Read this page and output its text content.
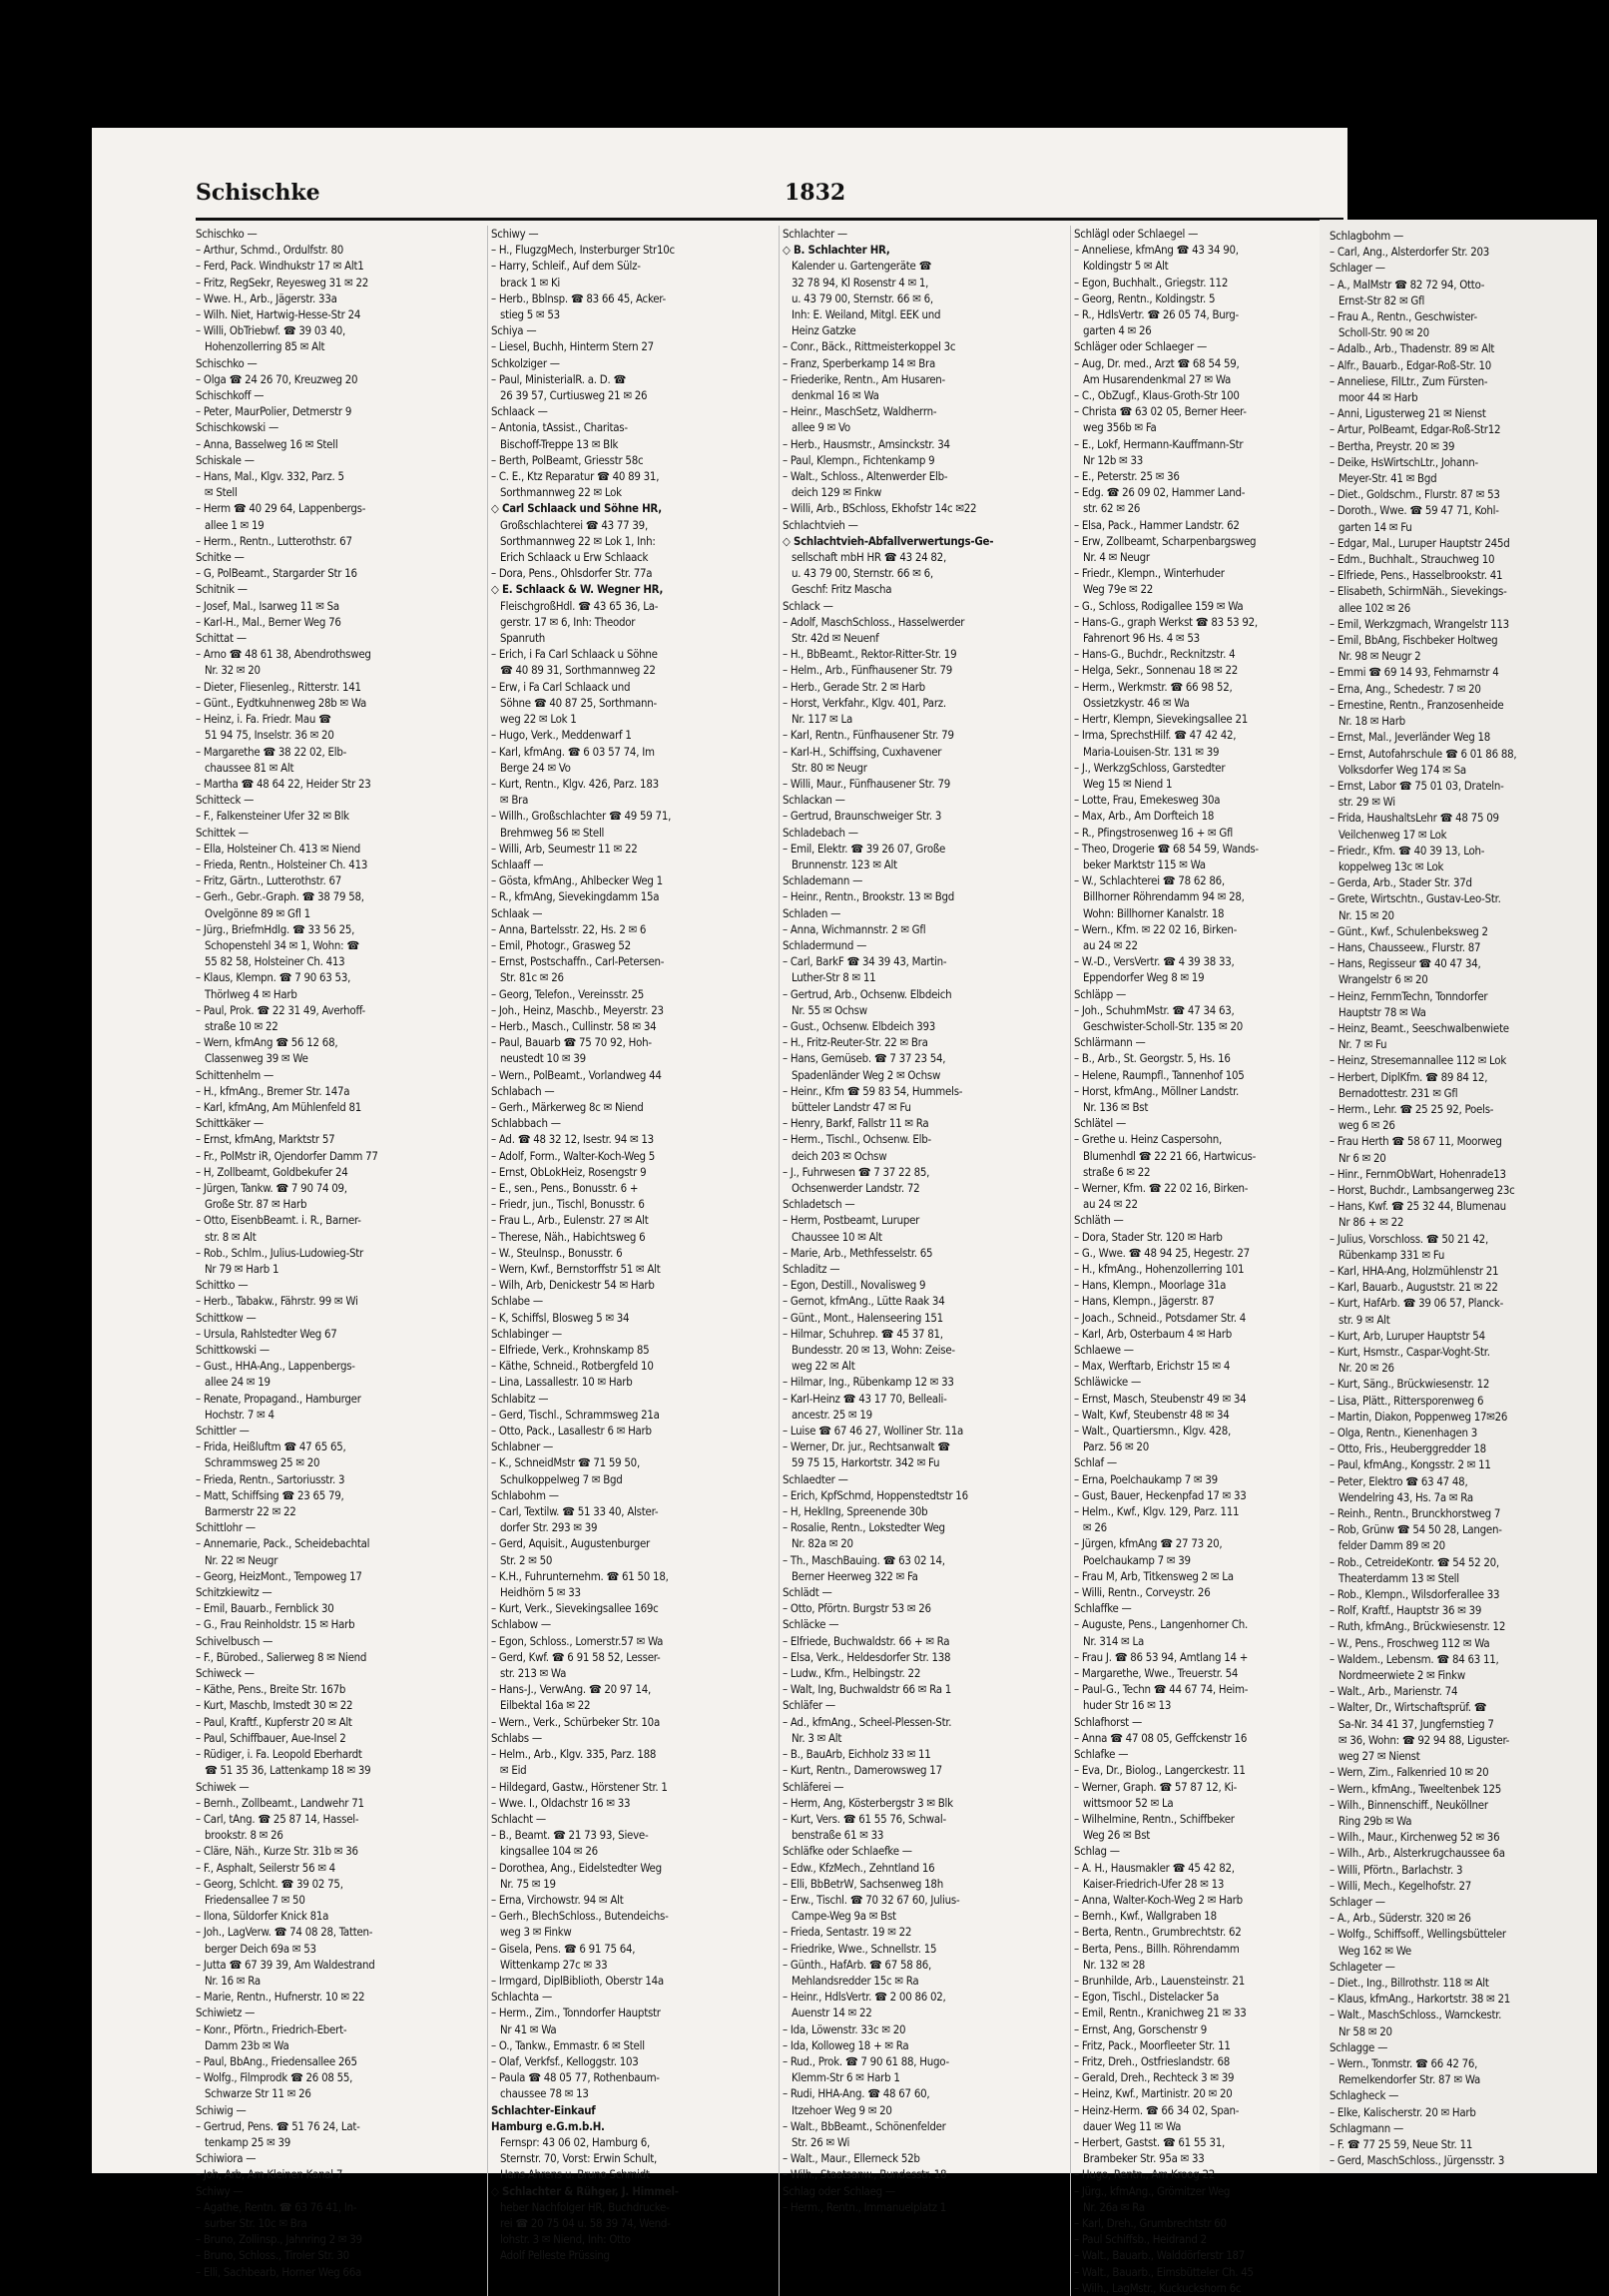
Schischke	1832
Schischko —
– Arthur, Schmd., Ordulfstr. 80
– Ferd, Pack. Windhukstr 17 ✉ Alt1
– Fritz, RegSekr, Reyesweg 31 ✉ 22
– Wwe. H., Arb., Jägerstr. 33a
– Wilh. Niet, Hartwig-Hesse-Str 24
– Willi, ObTriebwf. ☎ 39 03 40,
Hohenzollerring 85 ✉ Alt
Schischko —
– Olga ☎ 24 26 70, Kreuzweg 20
Schischkoff —
– Peter, MaurPolier, Detmerstr 9
Schischkowski —
– Anna, Basselweg 16 ✉ Stell
Schiskale —
– Hans, Mal., Klgv. 332, Parz. 5
✉ Stell
– Herm ☎ 40 29 64, Lappenbergs-
allee 1 ✉ 19
– Herm., Rentn., Lutterothstr. 67
Schitke —
– G, PolBeamt., Stargarder Str 16
Schitnik —
– Josef, Mal., Isarweg 11 ✉ Sa
– Karl-H., Mal., Berner Weg 76
Schittat —
– Arno ☎ 48 61 38, Abendrothsweg
Nr. 32 ✉ 20
– Dieter, Fliesenleg., Ritterstr. 141
– Günt., Eydtkuhnenweg 28b ✉ Wa
– Heinz, i. Fa. Friedr. Mau ☎
51 94 75, Inselstr. 36 ✉ 20
– Margarethe ☎ 38 22 02, Elb-
chaussee 81 ✉ Alt
– Martha ☎ 48 64 22, Heider Str 23
Schitteck —
– F., Falkensteiner Ufer 32 ✉ Blk
Schittek —
– Ella, Holsteiner Ch. 413 ✉ Niend
– Frieda, Rentn., Holsteiner Ch. 413
– Fritz, Gärtn., Lutterothstr. 67
– Gerh., Gebr.-Graph. ☎ 38 79 58,
Ovelgönne 89 ✉ Gfl 1
– Jürg., BriefmHdlg. ☎ 33 56 25,
Schopenstehl 34 ✉ 1, Wohn: ☎
55 82 58, Holsteiner Ch. 413
– Klaus, Klempn. ☎ 7 90 63 53,
Thörlweg 4 ✉ Harb
– Paul, Prok. ☎ 22 31 49, Averhoff-
straße 10 ✉ 22
– Wern, kfmAng ☎ 56 12 68,
Classenweg 39 ✉ We
Schittenhelm —
– H., kfmAng., Bremer Str. 147a
– Karl, kfmAng, Am Mühlenfeld 81
Schittkäker —
– Ernst, kfmAng, Marktstr 57
– Fr., PolMstr iR, Ojendorfer Damm 77
– H, Zollbeamt, Goldbekufer 24
– Jürgen, Tankw. ☎ 7 90 74 09,
Große Str. 87 ✉ Harb
– Otto, EisenbBeamt. i. R., Barner-
str. 8 ✉ Alt
– Rob., Schlm., Julius-Ludowieg-Str
Nr 79 ✉ Harb 1
Schittko —
– Herb., Tabakw., Fährstr. 99 ✉ Wi
Schittkow —
– Ursula, Rahlstedter Weg 67
Schittkowski —
– Gust., HHA-Ang., Lappenbergs-
allee 24 ✉ 19
– Renate, Propagand., Hamburger
Hochstr. 7 ✉ 4
Schittler —
– Frida, Heißluftm ☎ 47 65 65,
Schrammsweg 25 ✉ 20
– Frieda, Rentn., Sartoriusstr. 3
– Matt, Schiffsing ☎ 23 65 79,
Barmerstr 22 ✉ 22
Schittlohr —
– Annemarie, Pack., Scheidebachtal
Nr. 22 ✉ Neugr
– Georg, HeizMont., Tempoweg 17
Schitzkiewitz —
– Emil, Bauarb., Fernblick 30
– G., Frau Reinholdstr. 15 ✉ Harb
Schivelbusch —
– F., Bürobed., Salierweg 8 ✉ Niend
Schiweck —
– Käthe, Pens., Breite Str. 167b
– Kurt, Maschb, Imstedt 30 ✉ 22
– Paul, Kraftf., Kupferstr 20 ✉ Alt
– Paul, Schiffbauer, Aue-Insel 2
– Rüdiger, i. Fa. Leopold Eberhardt
☎ 51 35 36, Lattenkamp 18 ✉ 39
Schiwek —
– Bernh., Zollbeamt., Landwehr 71
– Carl, tAng. ☎ 25 87 14, Hassel-
brookstr. 8 ✉ 26
– Cläre, Näh., Kurze Str. 31b ✉ 36
– F., Asphalt, Seilerstr 56 ✉ 4
– Georg, Schlcht. ☎ 39 02 75,
Friedensallee 7 ✉ 50
– Ilona, Süldorfer Knick 81a
– Joh., LagVerw. ☎ 74 08 28, Tatten-
berger Deich 69a ✉ 53
– Jutta ☎ 67 39 39, Am Waldestrand
Nr. 16 ✉ Ra
– Marie, Rentn., Hufnerstr. 10 ✉ 22
Schiwietz —
– Konr., Pförtn., Friedrich-Ebert-
Damm 23b ✉ Wa
– Paul, BbAng., Friedensallee 265
– Wolfg., Filmprodk ☎ 26 08 55,
Schwarze Str 11 ✉ 26
Schiwig —
– Gertrud, Pens. ☎ 51 76 24, Lat-
tenkamp 25 ✉ 39
Schiwiora —
– Joh, Arb, Am Kleinen Kanal 7
Schiwy —
– Agathe, Rentn. ☎ 63 76 41, In-
surber Str. 10c ✉ Bra
– Bruno, Zollinsp., Jahnring 2 ✉ 39
– Bruno, Schloss., Tiroler Str. 30
– Elli, Sachbearb, Horner Weg 66a
Schiwy —
– H., FlugzgMech, Insterburger Str10c
– Harry, Schleif., Auf dem Sülz-
brack 1 ✉ Ki
– Herb., Bblnsp. ☎ 83 66 45, Acker-
stieg 5 ✉ 53
Schiya —
– Liesel, Buchh, Hinterm Stern 27
Schkolziger —
– Paul, MinisterialR. a. D. ☎
26 39 57, Curtiusweg 21 ✉ 26
Schlaack —
– Antonia, tAssist., Charitas-
Bischoff-Treppe 13 ✉ Blk
– Berth, PolBeamt, Griesstr 58c
– C. E., Ktz Reparatur ☎ 40 89 31,
Sorthmannweg 22 ✉ Lok
◇ Carl Schlaack und Söhne HR,
Großschlachterei ☎ 43 77 39,
Sorthmannweg 22 ✉ Lok 1, Inh:
Erich Schlaack u Erw Schlaack
– Dora, Pens., Ohlsdorfer Str. 77a
◇ E. Schlaack & W. Wegner HR,
FleischgroßHdl. ☎ 43 65 36, La-
gerstr. 17 ✉ 6, Inh: Theodor
Spanruth
– Erich, i Fa Carl Schlaack u Söhne
☎ 40 89 31, Sorthmannweg 22
– Erw, i Fa Carl Schlaack und
Söhne ☎ 40 87 25, Sorthmann-
weg 22 ✉ Lok 1
– Hugo, Verk., Meddenwarf 1
– Karl, kfmAng. ☎ 6 03 57 74, Im
Berge 24 ✉ Vo
– Kurt, Rentn., Klgv. 426, Parz. 183
✉ Bra
– Willh., Großschlachter ☎ 49 59 71,
Brehmweg 56 ✉ Stell
– Willi, Arb, Seumestr 11 ✉ 22
Schlaaff —
– Gösta, kfmAng., Ahlbecker Weg 1
– R., kfmAng, Sievekingdamm 15a
Schlaak —
– Anna, Bartelsstr. 22, Hs. 2 ✉ 6
– Emil, Photogr., Grasweg 52
– Ernst, Postschaffn., Carl-Petersen-
Str. 81c ✉ 26
– Georg, Telefon., Vereinsstr. 25
– Joh., Heinz, Maschb., Meyerstr. 23
– Herb., Masch., Cullinstr. 58 ✉ 34
– Paul, Bauarb ☎ 75 70 92, Hoh-
neustedt 10 ✉ 39
– Wern., PolBeamt., Vorlandweg 44
Schlabach —
– Gerh., Märkerweg 8c ✉ Niend
Schlabbach —
– Ad. ☎ 48 32 12, Isestr. 94 ✉ 13
– Adolf, Form., Walter-Koch-Weg 5
– Ernst, ObLokHeiz, Rosengstr 9
– E., sen., Pens., Bonusstr. 6 +
– Friedr, jun., Tischl, Bonusstr. 6
– Frau L., Arb., Eulenstr. 27 ✉ Alt
– Therese, Näh., Habichtsweg 6
– W., Steulnsp., Bonusstr. 6
– Wern, Kwf., Bernstorffstr 51 ✉ Alt
– Wilh, Arb, Denickestr 54 ✉ Harb
Schlabe —
– K, Schiffsl, Blosweg 5 ✉ 34
Schlabinger —
– Elfriede, Verk., Krohnskamp 85
– Käthe, Schneid., Rotbergfeld 10
– Lina, Lassallestr. 10 ✉ Harb
Schlabitz —
– Gerd, Tischl., Schrammsweg 21a
– Otto, Pack., Lasallestr 6 ✉ Harb
Schlabner —
– K., SchneidMstr ☎ 71 59 50,
Schulkoppelweg 7 ✉ Bgd
Schlabohm —
– Carl, Textilw. ☎ 51 33 40, Alster-
dorfer Str. 293 ✉ 39
– Gerd, Aquisit., Augustenburger
Str. 2 ✉ 50
– K.H., Fuhrunternehm. ☎ 61 50 18,
Heidhörn 5 ✉ 33
– Kurt, Verk., Sievekingsallee 169c
Schlabow —
– Egon, Schloss., Lomerstr.57 ✉ Wa
– Gerd, Kwf. ☎ 6 91 58 52, Lesser-
str. 213 ✉ Wa
– Hans-J., VerwAng. ☎ 20 97 14,
Eilbektal 16a ✉ 22
– Wern., Verk., Schürbeker Str. 10a
Schlabs —
– Helm., Arb., Klgv. 335, Parz. 188
✉ Eid
– Hildegard, Gastw., Hörstener Str. 1
– Wwe. I., Oldachstr 16 ✉ 33
Schlacht —
– B., Beamt. ☎ 21 73 93, Sieve-
kingsallee 104 ✉ 26
– Dorothea, Ang., Eidelstedter Weg
Nr. 75 ✉ 19
– Erna, Virchowstr. 94 ✉ Alt
– Gerh., BlechSchloss., Butendeichs-
weg 3 ✉ Finkw
– Gisela, Pens. ☎ 6 91 75 64,
Wittenkamp 27c ✉ 33
– Irmgard, DiplBiblioth, Oberstr 14a
Schlachta —
– Herm., Zim., Tonndorfer Hauptstr
Nr 41 ✉ Wa
– O., Tankw., Emmastr. 6 ✉ Stell
– Olaf, Verkfsf., Kelloggstr. 103
– Paula ☎ 48 05 77, Rothenbaum-
chaussee 78 ✉ 13
Schlachter-Einkauf
Hamburg e.G.m.b.H.
Fernspr: 43 06 02, Hamburg 6,
Sternstr. 70, Vorst: Erwin Schult,
Hans Ahrens u. Bruno Schmidt
◇ Schlachter & Rühger, J. Himmel-
heber Nachfolger HR, Buchdrucke-
rei ☎ 20 75 04 u. 58 39 74, Wend-
lohstr. 3 ✉ Niend, Inh: Otto
Adolf Pelleste Prüssing
Schlachter —
◇ B. Schlachter HR,
Kalender u. Gartengeräte ☎
32 78 94, Kl Rosenstr 4 ✉ 1,
u. 43 79 00, Sternstr. 66 ✉ 6,
Inh: E. Weiland, Mitgl. EEK und
Heinz Gatzke
– Conr., Bäck., Rittmeisterkoppel 3c
– Franz, Sperberkamp 14 ✉ Bra
– Friederike, Rentn., Am Husaren-
denkmal 16 ✉ Wa
– Heinr., MaschSetz, Waldherrn-
allee 9 ✉ Vo
– Herb., Hausmstr., Amsinckstr. 34
– Paul, Klempn., Fichtenkamp 9
– Walt., Schloss., Altenwerder Elb-
deich 129 ✉ Finkw
– Willi, Arb., BSchloss, Ekhofstr 14c ✉22
Schlachtvieh —
◇ Schlachtvieh-Abfallverwertungs-Ge-
sellschaft mbH HR ☎ 43 24 82,
u. 43 79 00, Sternstr. 66 ✉ 6,
Geschf: Fritz Mascha
Schlack —
– Adolf, MaschSchloss., Hasselwerder
Str. 42d ✉ Neuenf
– H., BbBeamt., Rektor-Ritter-Str. 19
– Helm., Arb., Fünfhausener Str. 79
– Herb., Gerade Str. 2 ✉ Harb
– Horst, Verkfahr., Klgv. 401, Parz.
Nr. 117 ✉ La
– Karl, Rentn., Fünfhausener Str. 79
– Karl-H., Schiffsing, Cuxhavener
Str. 80 ✉ Neugr
– Willi, Maur., Fünfhausener Str. 79
Schlackan —
– Gertrud, Braunschweiger Str. 3
Schladebach —
– Emil, Elektr. ☎ 39 26 07, Große
Brunnenstr. 123 ✉ Alt
Schlademann —
– Heinr., Rentn., Brookstr. 13 ✉ Bgd
Schladen —
– Anna, Wichmannstr. 2 ✉ Gfl
Schladermund —
– Carl, BarkF ☎ 34 39 43, Martin-
Luther-Str 8 ✉ 11
– Gertrud, Arb., Ochsenw. Elbdeich
Nr. 55 ✉ Ochsw
– Gust., Ochsenw. Elbdeich 393
– H., Fritz-Reuter-Str. 22 ✉ Bra
– Hans, Gemüseb. ☎ 7 37 23 54,
Spadenländer Weg 2 ✉ Ochsw
– Heinr., Kfm ☎ 59 83 54, Hummels-
bütteler Landstr 47 ✉ Fu
– Henry, Barkf, Fallstr 11 ✉ Ra
– Herm., Tischl., Ochsenw. Elb-
deich 203 ✉ Ochsw
– J., Fuhrwesen ☎ 7 37 22 85,
Ochsenwerder Landstr. 72
Schladetsch —
– Herm, Postbeamt, Luruper
Chaussee 10 ✉ Alt
– Marie, Arb., Methfesselstr. 65
Schladitz —
– Egon, Destill., Novalisweg 9
– Gernot, kfmAng., Lütte Raak 34
– Günt., Mont., Halenseering 151
– Hilmar, Schuhrep. ☎ 45 37 81,
Bundesstr. 20 ✉ 13, Wohn: Zeise-
weg 22 ✉ Alt
– Hilmar, Ing., Rübenkamp 12 ✉ 33
– Karl-Heinz ☎ 43 17 70, Belleali-
ancestr. 25 ✉ 19
– Luise ☎ 67 46 27, Wolliner Str. 11a
– Werner, Dr. jur., Rechtsanwalt ☎
59 75 15, Harkortstr. 342 ✉ Fu
Schlaedter —
– Erich, KpfSchmd, Hoppenstedtstr 16
– H, HeklIng, Spreenende 30b
– Rosalie, Rentn., Lokstedter Weg
Nr. 82a ✉ 20
– Th., MaschBauing. ☎ 63 02 14,
Berner Heerweg 322 ✉ Fa
Schlädt —
– Otto, Pförtn. Burgstr 53 ✉ 26
Schläcke —
– Elfriede, Buchwaldstr. 66 + ✉ Ra
– Elsa, Verk., Heldesdorfer Str. 138
– Ludw., Kfm., Helbingstr. 22
– Walt, Ing, Buchwaldstr 66 ✉ Ra 1
Schläfer —
– Ad., kfmAng., Scheel-Plessen-Str.
Nr. 3 ✉ Alt
– B., BauArb, Eichholz 33 ✉ 11
– Kurt, Rentn., Damerowsweg 17
Schläferei —
– Herm, Ang, Kösterbergstr 3 ✉ Blk
– Kurt, Vers. ☎ 61 55 76, Schwal-
benstraße 61 ✉ 33
Schläfke oder Schlaefke —
– Edw., KfzMech., Zehntland 16
– Elli, BbBetrW, Sachsenweg 18h
– Erw., Tischl. ☎ 70 32 67 60, Julius-
Campe-Weg 9a ✉ Bst
– Frieda, Sentastr. 19 ✉ 22
– Friedrike, Wwe., Schnellstr. 15
– Günth., HafArb. ☎ 67 58 86,
Mehlandsredder 15c ✉ Ra
– Heinr., HdlsVertr. ☎ 2 00 86 02,
Auenstr 14 ✉ 22
– Ida, Löwenstr. 33c ✉ 20
– Ida, Kolloweg 18 + ✉ Ra
– Rud., Prok. ☎ 7 90 61 88, Hugo-
Klemm-Str 6 ✉ Harb 1
– Rudi, HHA-Ang. ☎ 48 67 60,
Itzehoer Weg 9 ✉ 20
– Walt., BbBeamt., Schönenfelder
Str. 26 ✉ Wi
– Walt., Maur., Ellerneck 52b
– Wilh., Staatsanw., Bundesstr. 18
Schlag oder Schlaeg —
– Herm., Rentn., Immanuelplatz 1
Schlägl oder Schlaegel —
– Anneliese, kfmAng ☎ 43 34 90,
Koldingstr 5 ✉ Alt
– Egon, Buchhalt., Griegstr. 112
– Georg, Rentn., Koldingstr. 5
– R., HdlsVertr. ☎ 26 05 74, Burg-
garten 4 ✉ 26
Schläger oder Schlaeger —
– Aug, Dr. med., Arzt ☎ 68 54 59,
Am Husarendenkmal 27 ✉ Wa
– C., ObZugf., Klaus-Groth-Str 100
– Christa ☎ 63 02 05, Berner Heer-
weg 356b ✉ Fa
– E., Lokf, Hermann-Kauffmann-Str
Nr 12b ✉ 33
– E., Peterstr. 25 ✉ 36
– Edg. ☎ 26 09 02, Hammer Land-
str. 62 ✉ 26
– Elsa, Pack., Hammer Landstr. 62
– Erw, Zollbeamt, Scharpenbargsweg
Nr. 4 ✉ Neugr
– Friedr., Klempn., Winterhuder
Weg 79e ✉ 22
– G., Schloss, Rodigallee 159 ✉ Wa
– Hans-G., graph Werkst ☎ 83 53 92,
Fahrenort 96 Hs. 4 ✉ 53
– Hans-G., Buchdr., Recknitzstr. 4
– Helga, Sekr., Sonnenau 18 ✉ 22
– Herm., Werkmstr. ☎ 66 98 52,
Ossietzkystr. 46 ✉ Wa
– Hertr, Klempn, Sievekingsallee 21
– Irma, SprechstHilf. ☎ 47 42 42,
Maria-Louisen-Str. 131 ✉ 39
– J., WerkzgSchloss, Garstedter
Weg 15 ✉ Niend 1
– Lotte, Frau, Emekesweg 30a
– Max, Arb., Am Dorfteich 18
– R., Pfingstrosenweg 16 + ✉ Gfl
– Theo, Drogerie ☎ 68 54 59, Wands-
beker Marktstr 115 ✉ Wa
– W., Schlachterei ☎ 78 62 86,
Billhorner Röhrendamm 94 ✉ 28,
Wohn: Billhorner Kanalstr. 18
– Wern., Kfm. ✉ 22 02 16, Birken-
au 24 ✉ 22
– W.-D., VersVertr. ☎ 4 39 38 33,
Eppendorfer Weg 8 ✉ 19
Schläpp —
– Joh., SchuhmMstr. ☎ 47 34 63,
Geschwister-Scholl-Str. 135 ✉ 20
Schlärmann —
– B., Arb., St. Georgstr. 5, Hs. 16
– Helene, Raumpfl., Tannenhof 105
– Horst, kfmAng., Möllner Landstr.
Nr. 136 ✉ Bst
Schlätel —
– Grethe u. Heinz Caspersohn,
Blumenhdl ☎ 22 21 66, Hartwicus-
straße 6 ✉ 22
– Werner, Kfm. ☎ 22 02 16, Birken-
au 24 ✉ 22
Schläth —
– Dora, Stader Str. 120 ✉ Harb
– G., Wwe. ☎ 48 94 25, Hegestr. 27
– H., kfmAng., Hohenzollerring 101
– Hans, Klempn., Moorlage 31a
– Hans, Klempn., Jägerstr. 87
– Joach., Schneid., Potsdamer Str. 4
– Karl, Arb, Osterbaum 4 ✉ Harb
Schlaewe —
– Max, Werftarb, Erichstr 15 ✉ 4
Schläwicke —
– Ernst, Masch, Steubenstr 49 ✉ 34
– Walt, Kwf, Steubenstr 48 ✉ 34
– Walt., Quartiersmn., Klgv. 428,
Parz. 56 ✉ 20
Schlaf —
– Erna, Poelchaukamp 7 ✉ 39
– Gust, Bauer, Heckenpfad 17 ✉ 33
– Helm., Kwf., Klgv. 129, Parz. 111
✉ 26
– Jürgen, kfmAng ☎ 27 73 20,
Poelchaukamp 7 ✉ 39
– Frau M, Arb, Titkensweg 2 ✉ La
– Willi, Rentn., Corveystr. 26
Schlaffke —
– Auguste, Pens., Langenhorner Ch.
Nr. 314 ✉ La
– Frau J. ☎ 86 53 94, Amtlang 14 +
– Margarethe, Wwe., Treuerstr. 54
– Paul-G., Techn ☎ 44 67 74, Heim-
huder Str 16 ✉ 13
Schlafhorst —
– Anna ☎ 47 08 05, Geffckenstr 16
Schlafke —
– Eva, Dr., Biolog., Langerckestr. 11
– Werner, Graph. ☎ 57 87 12, Ki-
wittsmoor 52 ✉ La
– Wilhelmine, Rentn., Schiffbeker
Weg 26 ✉ Bst
Schlag —
– A. H., Hausmakler ☎ 45 42 82,
Kaiser-Friedrich-Ufer 28 ✉ 13
– Anna, Walter-Koch-Weg 2 ✉ Harb
– Bernh., Kwf., Wallgraben 18
– Berta, Rentn., Grumbrechtstr. 62
– Berta, Pens., Billh. Röhrendamm
Nr. 132 ✉ 28
– Brunhilde, Arb., Lauensteinstr. 21
– Egon, Tischl., Distelacker 5a
– Emil, Rentn., Kranichweg 21 ✉ 33
– Ernst, Ang, Gorschenstr 9
– Fritz, Pack., Moorfleeter Str. 11
– Fritz, Dreh., Ostfrieslandstr. 68
– Gerald, Dreh., Rechteck 3 ✉ 39
– Heinz, Kwf., Martinistr. 20 ✉ 20
– Heinz-Herm. ☎ 66 34 02, Span-
dauer Weg 11 ✉ Wa
– Herbert, Gastst. ☎ 61 55 31,
Brambeker Str. 95a ✉ 33
– Hugo, Rentn., Am Kroog 22
– Jürg., kfmAng., Grömitzer Weg
Nr. 26a ✉ Ra
– Karl, Dreh., Grumbrechtstr 60
– Paul Schiffsb., Heidrand 2
– Walt., Bauarb., Walddörferstr 187
– Walt., Bauarb., Eimsbütteler Ch. 45
– Wilh., LagMstr., Kuckuckshorn 6c
Schlagbohm —
– Carl, Ang., Alsterdorfer Str. 203
Schlager —
– A., MalMstr ☎ 82 72 94, Otto-
Ernst-Str 82 ✉ Gfl
– Frau A., Rentn., Geschwister-
Scholl-Str. 90 ✉ 20
– Adalb., Arb., Thadenstr. 89 ✉ Alt
– Alfr., Bauarb., Edgar-Roß-Str. 10
– Anneliese, FilLtr., Zum Fürsten-
moor 44 ✉ Harb
– Anni, Ligusterweg 21 ✉ Nienst
– Artur, PolBeamt, Edgar-Roß-Str12
– Bertha, Preystr. 20 ✉ 39
– Deike, HsWirtschLtr., Johann-
Meyer-Str. 41 ✉ Bgd
– Diet., Goldschm., Flurstr. 87 ✉ 53
– Doroth., Wwe. ☎ 59 47 71, Kohl-
garten 14 ✉ Fu
– Edgar, Mal., Luruper Hauptstr 245d
– Edm., Buchhalt., Strauchweg 10
– Elfriede, Pens., Hasselbrookstr. 41
– Elisabeth, SchirmNäh., Sievekings-
allee 102 ✉ 26
– Emil, Werkzgmach, Wrangelstr 113
– Emil, BbAng, Fischbeker Holtweg
Nr. 98 ✉ Neugr 2
– Emmi ☎ 69 14 93, Fehmarnstr 4
– Erna, Ang., Schedestr. 7 ✉ 20
– Ernestine, Rentn., Franzosenheide
Nr. 18 ✉ Harb
– Ernst, Mal., Jeverländer Weg 18
– Ernst, Autofahrschule ☎ 6 01 86 88,
Volksdorfer Weg 174 ✉ Sa
– Ernst, Labor ☎ 75 01 03, Drateln-
str. 29 ✉ Wi
– Frida, HaushaltsLehr ☎ 48 75 09
Veilchenweg 17 ✉ Lok
– Friedr., Kfm. ☎ 40 39 13, Loh-
koppelweg 13c ✉ Lok
– Gerda, Arb., Stader Str. 37d
– Grete, Wirtschtn., Gustav-Leo-Str.
Nr. 15 ✉ 20
– Günt., Kwf., Schulenbeksweg 2
– Hans, Chausseew., Flurstr. 87
– Hans, Regisseur ☎ 40 47 34,
Wrangelstr 6 ✉ 20
– Heinz, FernmTechn, Tonndorfer
Hauptstr 78 ✉ Wa
– Heinz, Beamt., Seeschwalbenwiete
Nr. 7 ✉ Fu
– Heinz, Stresemannallee 112 ✉ Lok
– Herbert, DiplKfm. ☎ 89 84 12,
Bernadottestr. 231 ✉ Gfl
– Herm., Lehr. ☎ 25 25 92, Poels-
weg 6 ✉ 26
– Frau Herth ☎ 58 67 11, Moorweg
Nr 6 ✉ 20
– Hinr., FernmObWart, Hohenrade13
– Horst, Buchdr., Lambsangerweg 23c
– Hans, Kwf. ☎ 25 32 44, Blumenau
Nr 86 + ✉ 22
– Julius, Vorschloss. ☎ 50 21 42,
Rübenkamp 331 ✉ Fu
– Karl, HHA-Ang, Holzmühlenstr 21
– Karl, Bauarb., Auguststr. 21 ✉ 22
– Kurt, HafArb. ☎ 39 06 57, Planck-
str. 9 ✉ Alt
– Kurt, Arb, Luruper Hauptstr 54
– Kurt, Hsmstr., Caspar-Voght-Str.
Nr. 20 ✉ 26
– Kurt, Säng., Brückwiesenstr. 12
– Lisa, Plätt., Rittersporenweg 6
– Martin, Diakon, Poppenweg 17✉26
– Olga, Rentn., Kienenhagen 3
– Otto, Fris., Heuberggredder 18
– Paul, kfmAng., Kongsstr. 2 ✉ 11
– Peter, Elektro ☎ 63 47 48,
Wendelring 43, Hs. 7a ✉ Ra
– Reinh., Rentn., Brunckhorstweg 7
– Rob, Grünw ☎ 54 50 28, Langen-
felder Damm 89 ✉ 20
– Rob., CetreideKontr. ☎ 54 52 20,
Theaterdamm 13 ✉ Stell
– Rob., Klempn., Wilsdorferallee 33
– Rolf, Kraftf., Hauptstr 36 ✉ 39
– Ruth, kfmAng., Brückwiesenstr. 12
– W., Pens., Froschweg 112 ✉ Wa
– Waldem., Lebensm. ☎ 84 63 11,
Nordmeerwiete 2 ✉ Finkw
– Walt., Arb., Marienstr. 74
– Walter, Dr., Wirtschaftsprüf. ☎
Sa-Nr. 34 41 37, Jungfernstieg 7
✉ 36, Wohn: ☎ 92 94 88, Liguster-
weg 27 ✉ Nienst
– Wern, Zim., Falkenried 10 ✉ 20
– Wern., kfmAng., Tweeltenbek 125
– Wilh., Binnenschiff., Neuköllner
Ring 29b ✉ Wa
– Wilh., Maur., Kirchenweg 52 ✉ 36
– Wilh., Arb., Alsterkrugchaussee 6a
– Willi, Pförtn., Barlachstr. 3
– Willi, Mech., Kegelhofstr. 27
Schlager —
– A., Arb., Süderstr. 320 ✉ 26
– Wolfg., Schiffsoff., Wellingsbütteler
Weg 162 ✉ We
Schlageter —
– Diet., Ing., Billrothstr. 118 ✉ Alt
– Klaus, kfmAng., Harkortstr. 38 ✉ 21
– Walt., MaschSchloss., Warnckestr.
Nr 58 ✉ 20
Schlagge —
– Wern., Tonmstr. ☎ 66 42 76,
Remelkendorfer Str. 87 ✉ Wa
Schlagheck —
– Elke, Kalischerstr. 20 ✉ Harb
Schlagmann —
– F. ☎ 77 25 59, Neue Str. 11
– Gerd, MaschSchloss., Jürgensstr. 3
